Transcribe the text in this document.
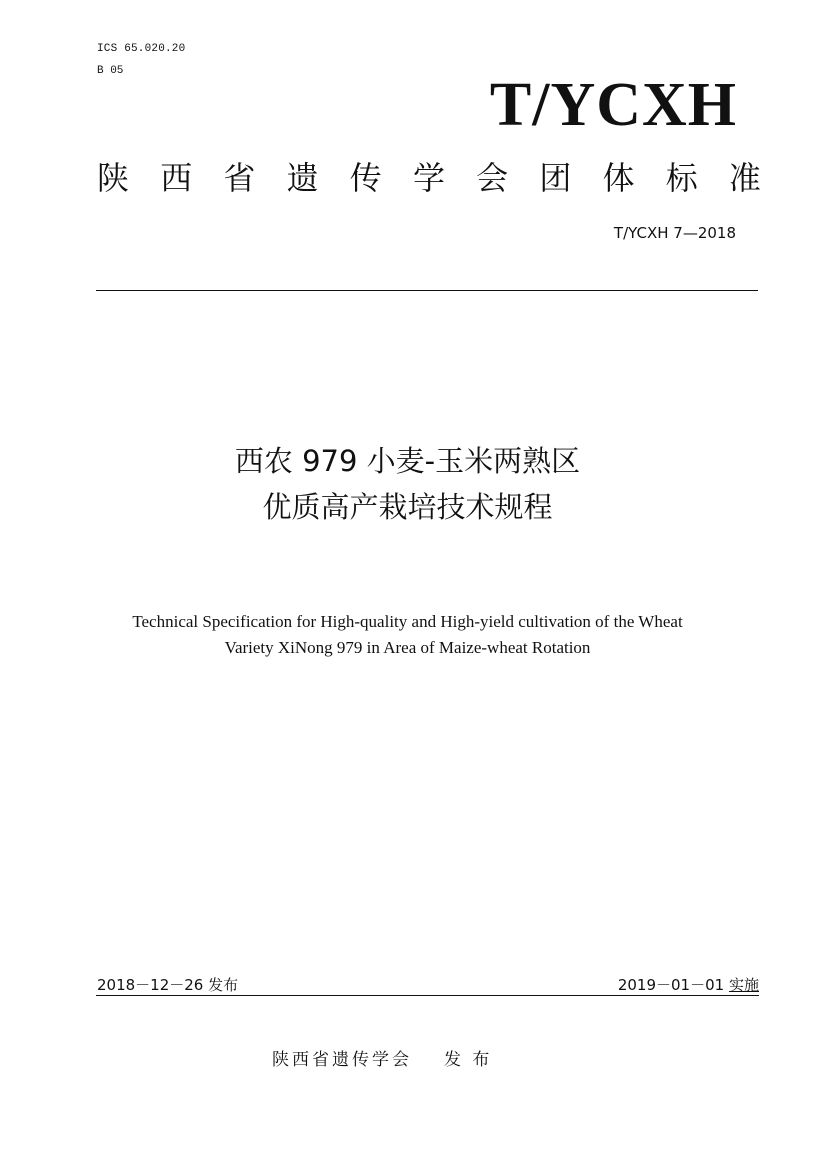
ICS 65.020.20
B 05	T/YCXH
陕 西 省 遗 传 学 会 团 体 标 准
T/YCXH 7—2018
西农 979 小麦-玉米两熟区
优质高产栽培技术规程
Technical Specification for High-quality and High-yield cultivation of the Wheat
Variety XiNong 979 in Area of Maize-wheat Rotation
2018－12－26 发布	2019－01－01 实施
陕西省遗传学会 发 布
